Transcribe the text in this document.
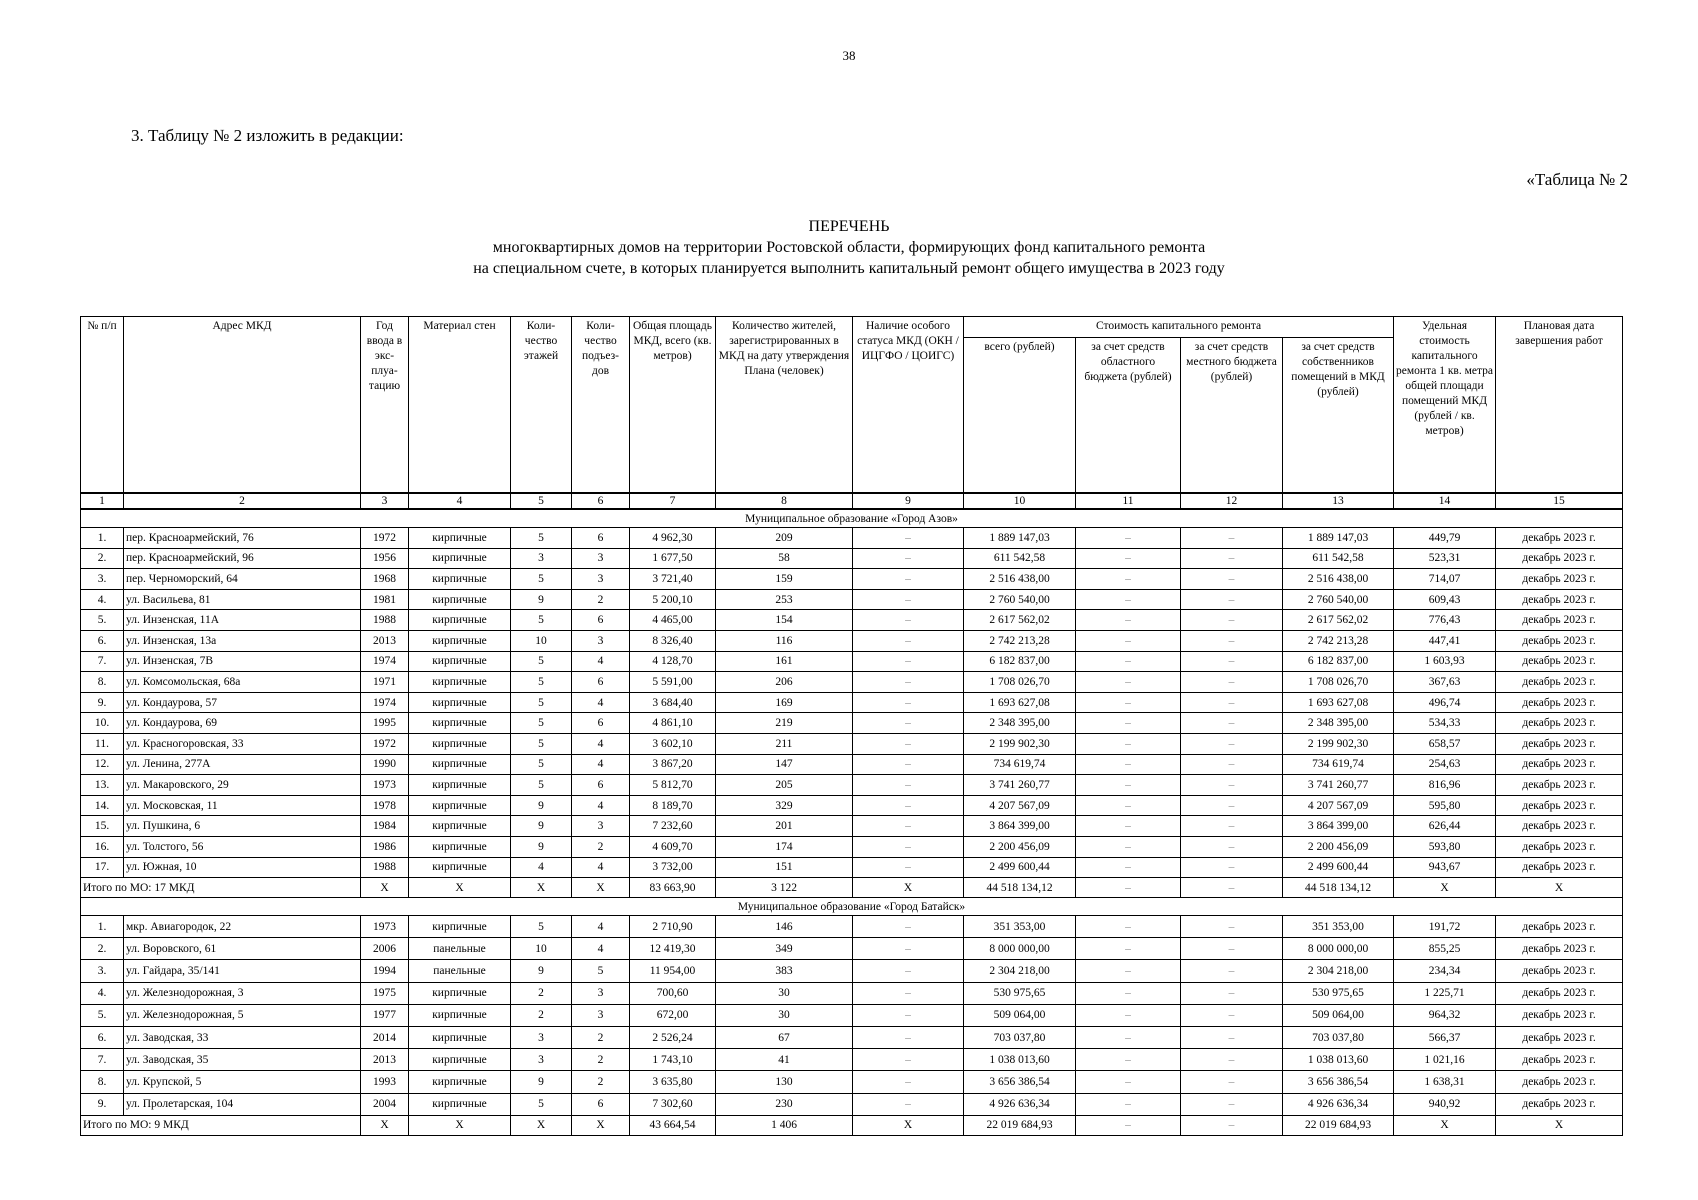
38
3. Таблицу № 2 изложить в редакции:
«Таблица № 2
ПЕРЕЧЕНЬ
многоквартирных домов на территории Ростовской области, формирующих фонд капитального ремонта
на специальном счете, в которых планируется выполнить капитальный ремонт общего имущества в 2023 году
№ п/п	Адрес МКД	Год ввода в экс-плуа-тацию	Материал стен	Коли-чество этажей	Коли-чество подъез-дов	Общая площадь МКД, всего (кв. метров)	Количество жителей, зарегистрированных в МКД на дату утверждения Плана (человек)	Наличие особого статуса МКД (ОКН / ИЦГФО / ЦОИГС)	Стоимость капитального ремонта				Удельная стоимость капитального ремонта 1 кв. метра общей площади помещений МКД (рублей / кв. метров)	Плановая дата завершения работ
									всего (рублей)	за счет средств областного бюджета (рублей)	за счет средств местного бюджета (рублей)	за счет средств собственников помещений в МКД (рублей)		
1	2	3	4	5	6	7	8	9	10	11	12	13	14	15
Муниципальное образование «Город Азов»														
1.	пер. Красноармейский, 76	1972	кирпичные	5	6	4 962,30	209	–	1 889 147,03	–	–	1 889 147,03	449,79	декабрь 2023 г.
2.	пер. Красноармейский, 96	1956	кирпичные	3	3	1 677,50	58	–	611 542,58	–	–	611 542,58	523,31	декабрь 2023 г.
3.	пер. Черноморский, 64	1968	кирпичные	5	3	3 721,40	159	–	2 516 438,00	–	–	2 516 438,00	714,07	декабрь 2023 г.
4.	ул. Васильева, 81	1981	кирпичные	9	2	5 200,10	253	–	2 760 540,00	–	–	2 760 540,00	609,43	декабрь 2023 г.
5.	ул. Инзенская, 11А	1988	кирпичные	5	6	4 465,00	154	–	2 617 562,02	–	–	2 617 562,02	776,43	декабрь 2023 г.
6.	ул. Инзенская, 13а	2013	кирпичные	10	3	8 326,40	116	–	2 742 213,28	–	–	2 742 213,28	447,41	декабрь 2023 г.
7.	ул. Инзенская, 7В	1974	кирпичные	5	4	4 128,70	161	–	6 182 837,00	–	–	6 182 837,00	1 603,93	декабрь 2023 г.
8.	ул. Комсомольская, 68а	1971	кирпичные	5	6	5 591,00	206	–	1 708 026,70	–	–	1 708 026,70	367,63	декабрь 2023 г.
9.	ул. Кондаурова, 57	1974	кирпичные	5	4	3 684,40	169	–	1 693 627,08	–	–	1 693 627,08	496,74	декабрь 2023 г.
10.	ул. Кондаурова, 69	1995	кирпичные	5	6	4 861,10	219	–	2 348 395,00	–	–	2 348 395,00	534,33	декабрь 2023 г.
11.	ул. Красногоровская, 33	1972	кирпичные	5	4	3 602,10	211	–	2 199 902,30	–	–	2 199 902,30	658,57	декабрь 2023 г.
12.	ул. Ленина, 277А	1990	кирпичные	5	4	3 867,20	147	–	734 619,74	–	–	734 619,74	254,63	декабрь 2023 г.
13.	ул. Макаровского, 29	1973	кирпичные	5	6	5 812,70	205	–	3 741 260,77	–	–	3 741 260,77	816,96	декабрь 2023 г.
14.	ул. Московская, 11	1978	кирпичные	9	4	8 189,70	329	–	4 207 567,09	–	–	4 207 567,09	595,80	декабрь 2023 г.
15.	ул. Пушкина, 6	1984	кирпичные	9	3	7 232,60	201	–	3 864 399,00	–	–	3 864 399,00	626,44	декабрь 2023 г.
16.	ул. Толстого, 56	1986	кирпичные	9	2	4 609,70	174	–	2 200 456,09	–	–	2 200 456,09	593,80	декабрь 2023 г.
17.	ул. Южная, 10	1988	кирпичные	4	4	3 732,00	151	–	2 499 600,44	–	–	2 499 600,44	943,67	декабрь 2023 г.
Итого по МО: 17 МКД		X	X	X	X	83 663,90	3 122	X	44 518 134,12	–	–	44 518 134,12	X	X
Муниципальное образование «Город Батайск»														
1.	мкр. Авиагородок, 22	1973	кирпичные	5	4	2 710,90	146	–	351 353,00	–	–	351 353,00	191,72	декабрь 2023 г.
2.	ул. Воровского, 61	2006	панельные	10	4	12 419,30	349	–	8 000 000,00	–	–	8 000 000,00	855,25	декабрь 2023 г.
3.	ул. Гайдара, 35/141	1994	панельные	9	5	11 954,00	383	–	2 304 218,00	–	–	2 304 218,00	234,34	декабрь 2023 г.
4.	ул. Железнодорожная, 3	1975	кирпичные	2	3	700,60	30	–	530 975,65	–	–	530 975,65	1 225,71	декабрь 2023 г.
5.	ул. Железнодорожная, 5	1977	кирпичные	2	3	672,00	30	–	509 064,00	–	–	509 064,00	964,32	декабрь 2023 г.
6.	ул. Заводская, 33	2014	кирпичные	3	2	2 526,24	67	–	703 037,80	–	–	703 037,80	566,37	декабрь 2023 г.
7.	ул. Заводская, 35	2013	кирпичные	3	2	1 743,10	41	–	1 038 013,60	–	–	1 038 013,60	1 021,16	декабрь 2023 г.
8.	ул. Крупской, 5	1993	кирпичные	9	2	3 635,80	130	–	3 656 386,54	–	–	3 656 386,54	1 638,31	декабрь 2023 г.
9.	ул. Пролетарская, 104	2004	кирпичные	5	6	7 302,60	230	–	4 926 636,34	–	–	4 926 636,34	940,92	декабрь 2023 г.
Итого по МО: 9 МКД		X	X	X	X	43 664,54	1 406	X	22 019 684,93	–	–	22 019 684,93	X	X
